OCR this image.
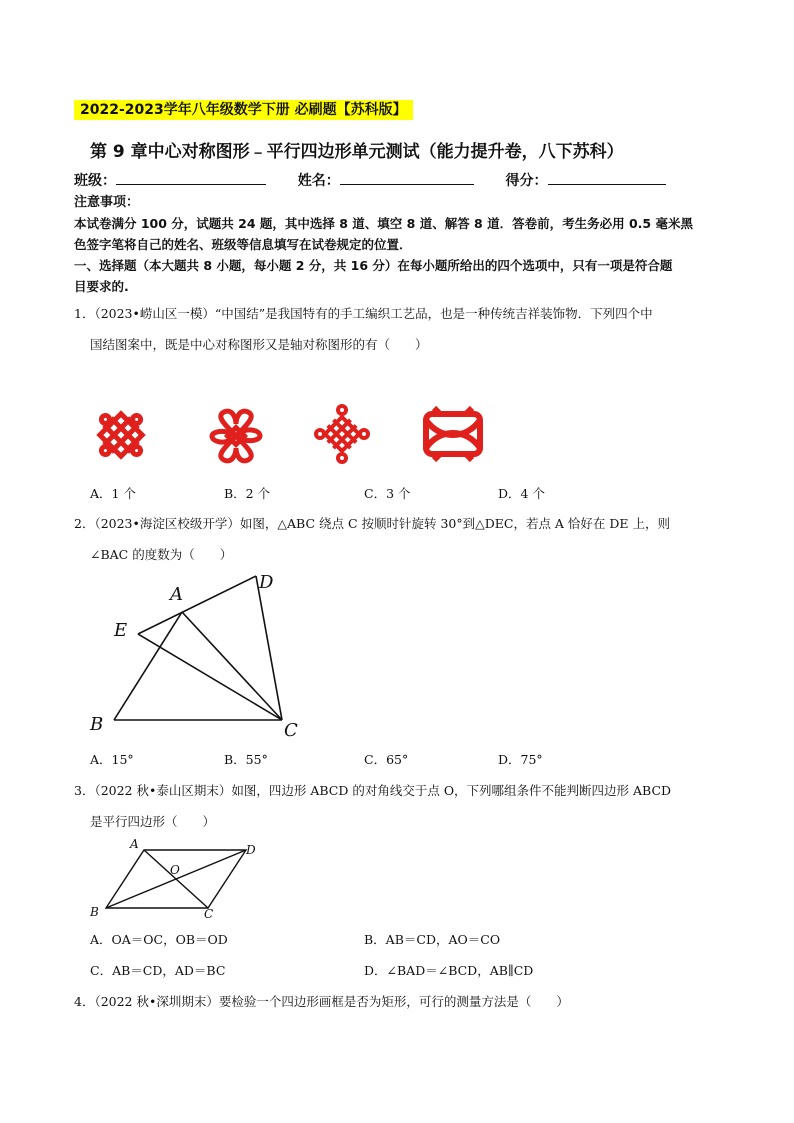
2022-2023学年八年级数学下册 必刷题【苏科版】
第 9 章中心对称图形﹣平行四边形单元测试（能力提升卷，八下苏科）
班级：	姓名：	得分：
注意事项：
本试卷满分 100 分，试题共 24 题，其中选择 8 道、填空 8 道、解答 8 道．答卷前，考生务必用 0.5 毫米黑
色签字笔将自己的姓名、班级等信息填写在试卷规定的位置．
一、选择题（本大题共 8 小题，每小题 2 分，共 16 分）在每小题所给出的四个选项中，只有一项是符合题
目要求的.
1．（2023•崂山区一模）“中国结”是我国特有的手工编织工艺品，也是一种传统吉祥装饰物．下列四个中
国结图案中，既是中心对称图形又是轴对称图形的有（　　）
A．1 个	B．2 个	C．3 个	D．4 个
2．（2023•海淀区校级开学）如图，△ABC 绕点 C 按顺时针旋转 30°到△DEC，若点 A 恰好在 DE 上，则
∠BAC 的度数为（　　）
A
D
E
B	C
A．15°	B．55°	C．65°	D．75°
3．（2022 秋•泰山区期末）如图，四边形 ABCD 的对角线交于点 O，下列哪组条件不能判断四边形 ABCD
是平行四边形（　　）
A	D
O
B	C
A．OA＝OC，OB＝OD	B．AB＝CD，AO＝CO
C．AB＝CD，AD＝BC	D．∠BAD＝∠BCD，AB∥CD
4．（2022 秋•深圳期末）要检验一个四边形画框是否为矩形，可行的测量方法是（　　）
